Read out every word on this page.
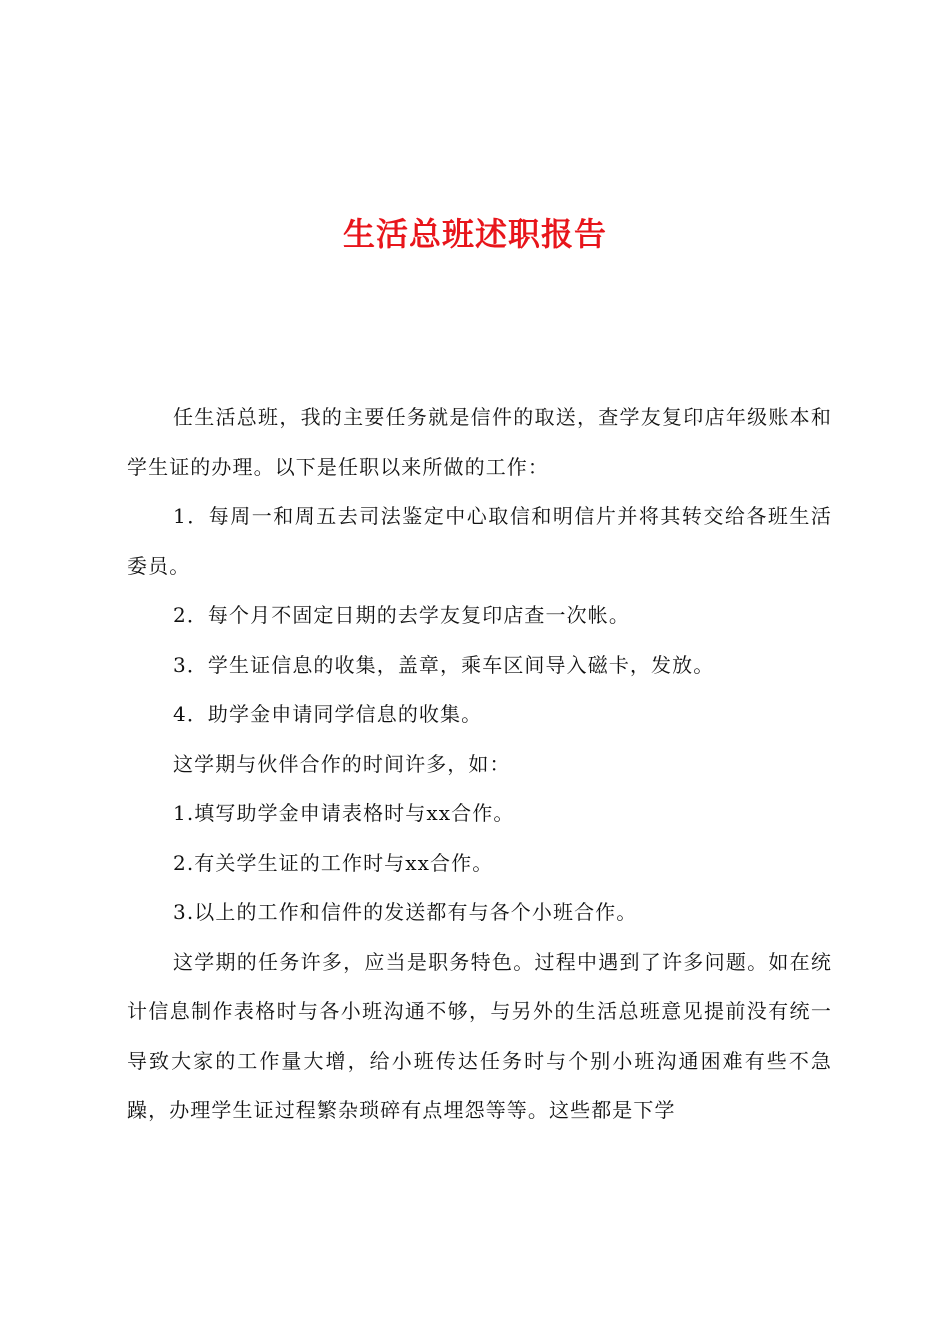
生活总班述职报告

任生活总班，我的主要任务就是信件的取送，查学友复印店年级账本和学生证的办理。以下是任职以来所做的工作：

1．每周一和周五去司法鉴定中心取信和明信片并将其转交给各班生活委员。

2．每个月不固定日期的去学友复印店查一次帐。

3．学生证信息的收集，盖章，乘车区间导入磁卡，发放。

4．助学金申请同学信息的收集。

这学期与伙伴合作的时间许多，如：

1.填写助学金申请表格时与xx合作。

2.有关学生证的工作时与xx合作。

3.以上的工作和信件的发送都有与各个小班合作。

这学期的任务许多，应当是职务特色。过程中遇到了许多问题。如在统计信息制作表格时与各小班沟通不够，与另外的生活总班意见提前没有统一导致大家的工作量大增，给小班传达任务时与个别小班沟通困难有些不急躁，办理学生证过程繁杂琐碎有点埋怨等等。这些都是下学
